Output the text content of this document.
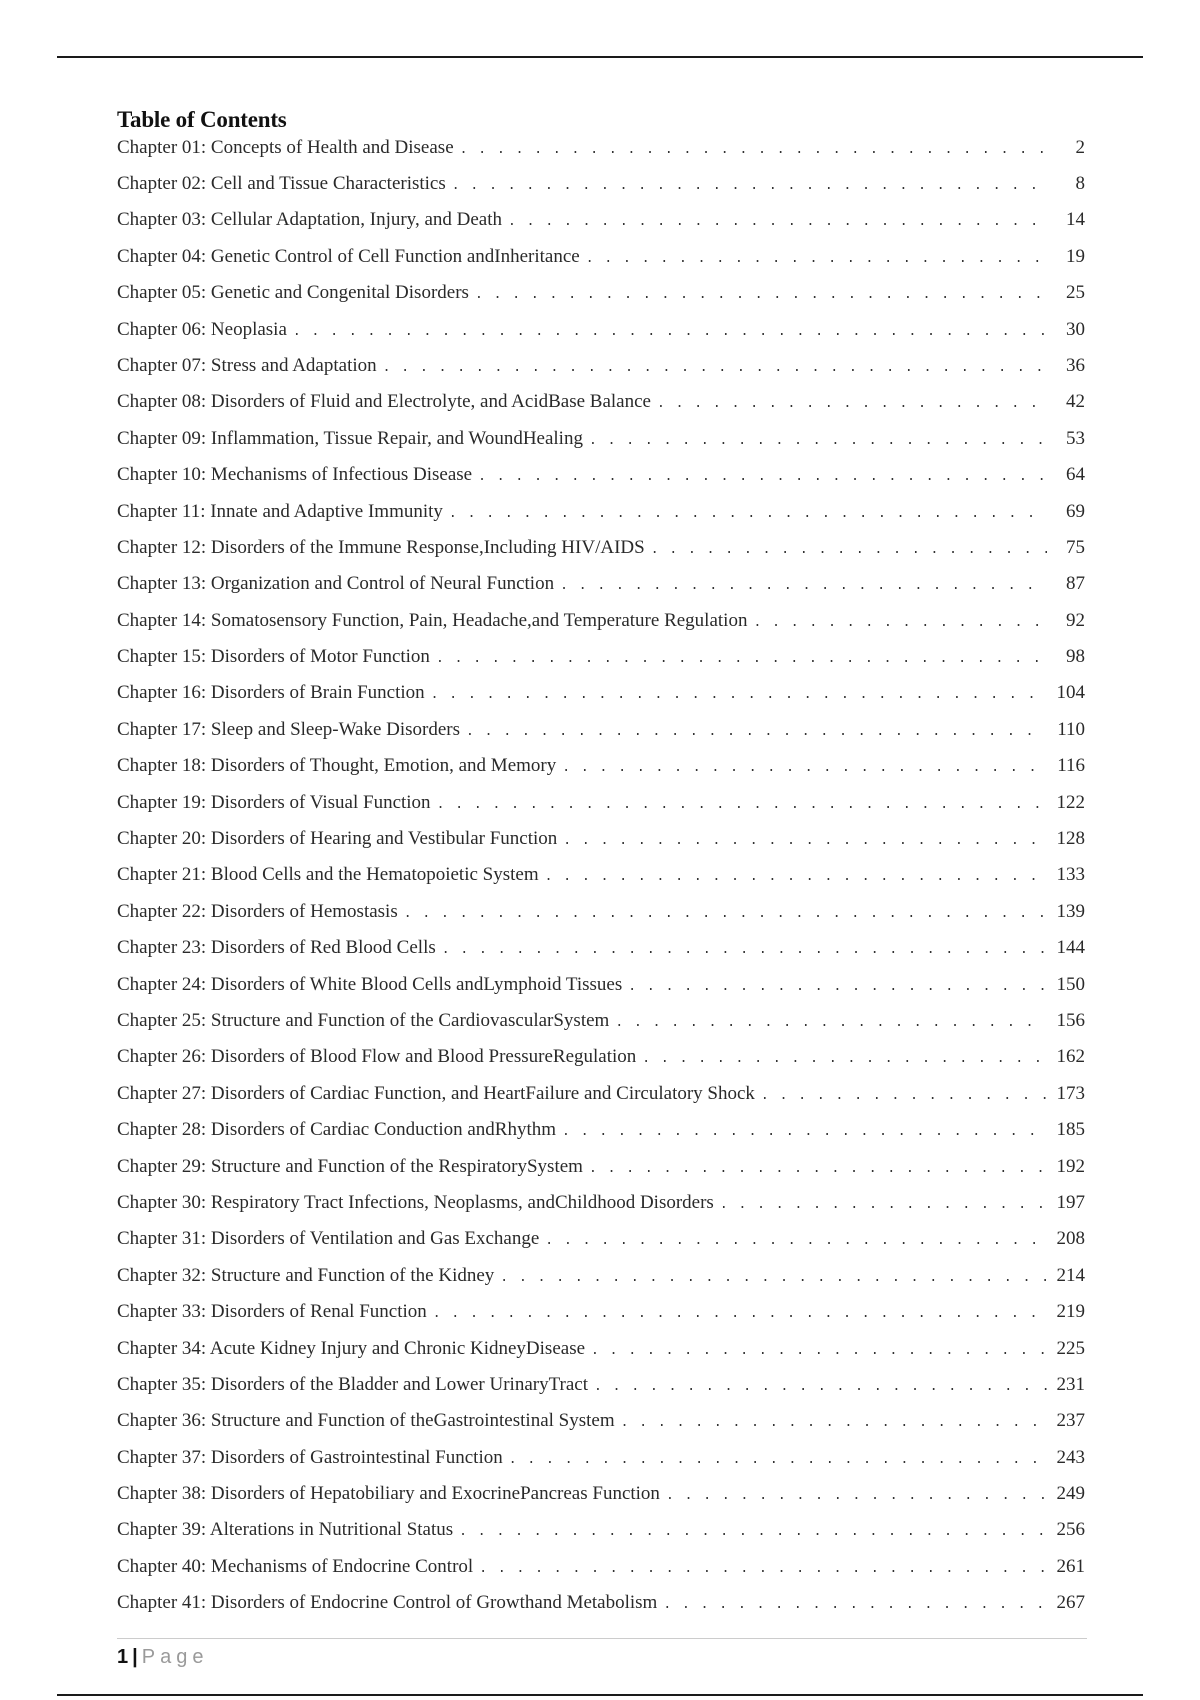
Table of Contents
Chapter 01: Concepts of Health and Disease . . .	2
Chapter 02: Cell and Tissue Characteristics . . .	8
Chapter 03: Cellular Adaptation, Injury, and Death . . .	14
Chapter 04: Genetic Control of Cell Function andInheritance . . .	19
Chapter 05: Genetic and Congenital Disorders . . .	25
Chapter 06: Neoplasia . . .	30
Chapter 07: Stress and Adaptation . . .	36
Chapter 08: Disorders of Fluid and Electrolyte, and AcidBase Balance . . .	42
Chapter 09: Inflammation, Tissue Repair, and WoundHealing . . .	53
Chapter 10: Mechanisms of Infectious Disease . . .	64
Chapter 11: Innate and Adaptive Immunity . . .	69
Chapter 12: Disorders of the Immune Response,Including HIV/AIDS . . .	75
Chapter 13: Organization and Control of Neural Function . . .	87
Chapter 14: Somatosensory Function, Pain, Headache,and Temperature Regulation . . .	92
Chapter 15: Disorders of Motor Function . . .	98
Chapter 16: Disorders of Brain Function . . .	104
Chapter 17: Sleep and Sleep-Wake Disorders . . .	110
Chapter 18: Disorders of Thought, Emotion, and Memory . . .	116
Chapter 19: Disorders of Visual Function . . .	122
Chapter 20: Disorders of Hearing and Vestibular Function . . .	128
Chapter 21: Blood Cells and the Hematopoietic System . . .	133
Chapter 22: Disorders of Hemostasis . . .	139
Chapter 23: Disorders of Red Blood Cells . . .	144
Chapter 24: Disorders of White Blood Cells andLymphoid Tissues . . .	150
Chapter 25: Structure and Function of the CardiovascularSystem . . .	156
Chapter 26: Disorders of Blood Flow and Blood PressureRegulation . . .	162
Chapter 27: Disorders of Cardiac Function, and HeartFailure and Circulatory Shock . . .	173
Chapter 28: Disorders of Cardiac Conduction andRhythm . . .	185
Chapter 29: Structure and Function of the RespiratorySystem . . .	192
Chapter 30: Respiratory Tract Infections, Neoplasms, andChildhood Disorders . . .	197
Chapter 31: Disorders of Ventilation and Gas Exchange . . .	208
Chapter 32: Structure and Function of the Kidney . . .	214
Chapter 33: Disorders of Renal Function . . .	219
Chapter 34: Acute Kidney Injury and Chronic KidneyDisease . . .	225
Chapter 35: Disorders of the Bladder and Lower UrinaryTract . . .	231
Chapter 36: Structure and Function of theGastrointestinal System . . .	237
Chapter 37: Disorders of Gastrointestinal Function . . .	243
Chapter 38: Disorders of Hepatobiliary and ExocrinePancreas Function . . .	249
Chapter 39: Alterations in Nutritional Status . . .	256
Chapter 40: Mechanisms of Endocrine Control . . .	261
Chapter 41: Disorders of Endocrine Control of Growthand Metabolism . . .	267
1 | Page
